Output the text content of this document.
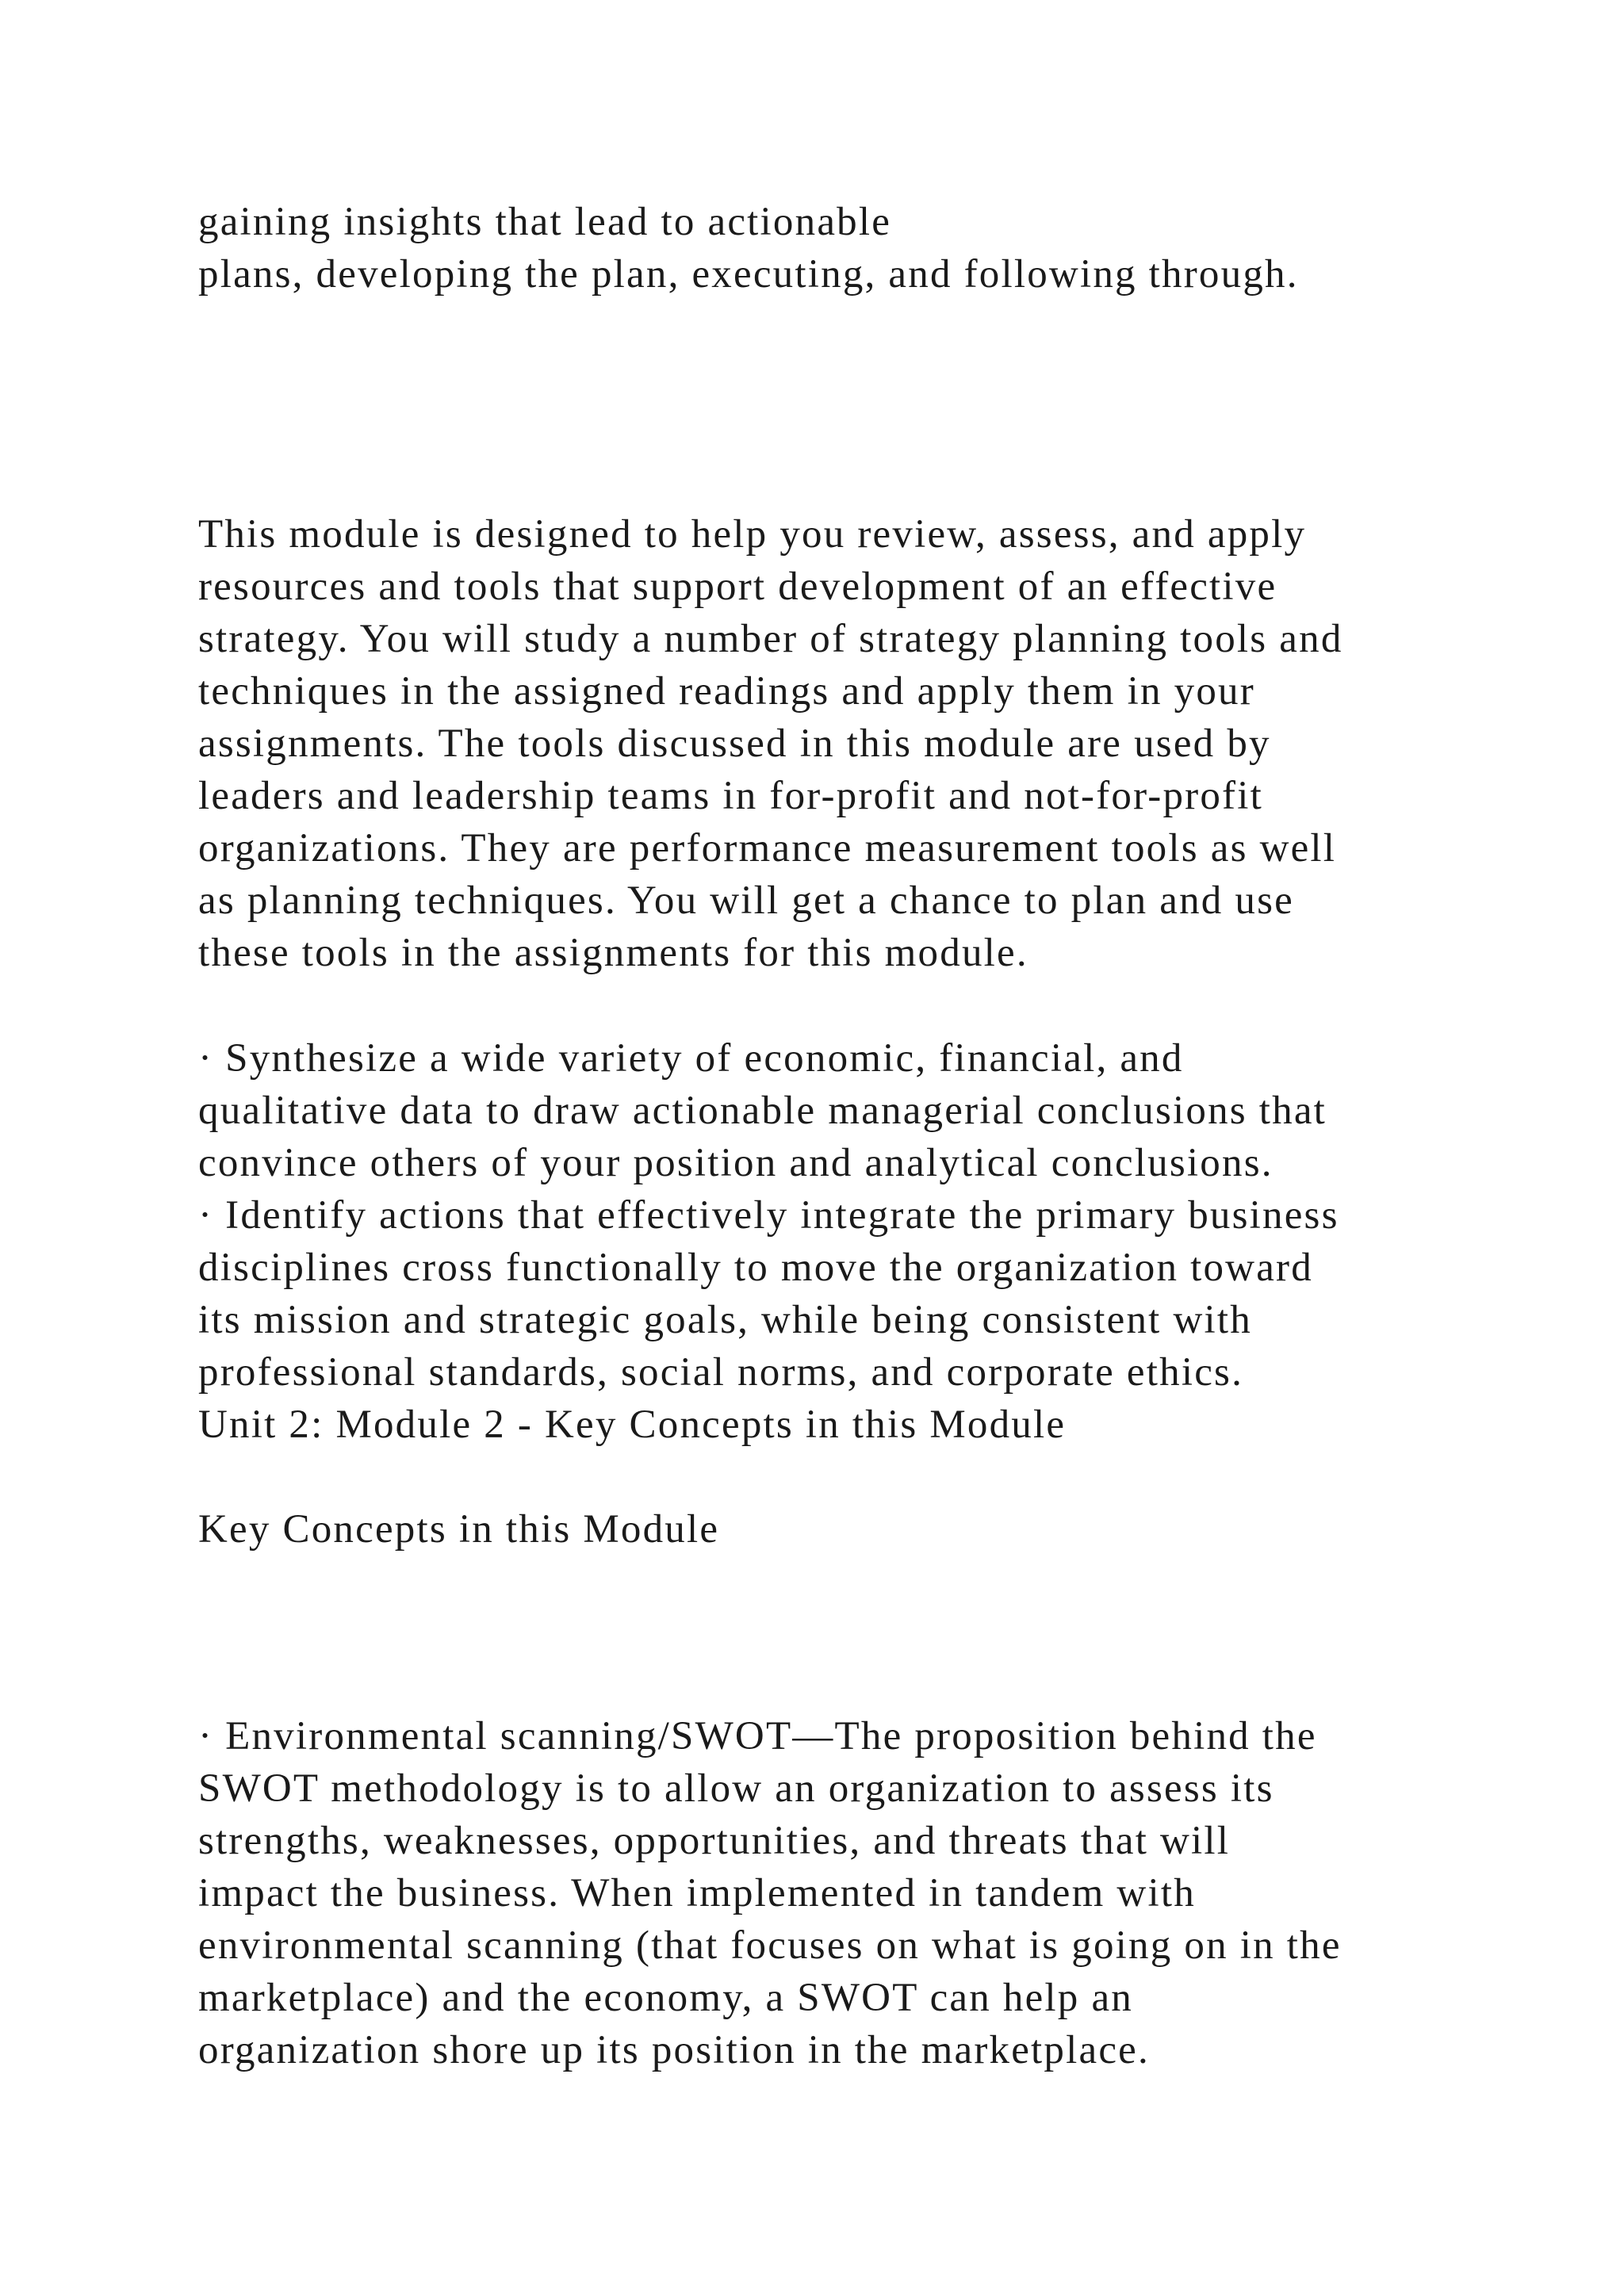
gaining insights that lead to actionable

plans, developing the plan, executing, and following through.

This module is designed to help you review, assess, and apply

resources and tools that support development of an effective

strategy. You will study a number of strategy planning tools and

techniques in the assigned readings and apply them in your

assignments. The tools discussed in this module are used by

leaders and leadership teams in for-profit and not-for-profit

organizations. They are performance measurement tools as well

as planning techniques. You will get a chance to plan and use

these tools in the assignments for this module.

· Synthesize a wide variety of economic, financial, and

qualitative data to draw actionable managerial conclusions that

convince others of your position and analytical conclusions.

· Identify actions that effectively integrate the primary business

disciplines cross functionally to move the organization toward

its mission and strategic goals, while being consistent with

professional standards, social norms, and corporate ethics.

Unit 2: Module 2 - Key Concepts in this Module

Key Concepts in this Module

· Environmental scanning/SWOT—The proposition behind the

SWOT methodology is to allow an organization to assess its

strengths, weaknesses, opportunities, and threats that will

impact the business. When implemented in tandem with

environmental scanning (that focuses on what is going on in the

marketplace) and the economy, a SWOT can help an

organization shore up its position in the marketplace.
